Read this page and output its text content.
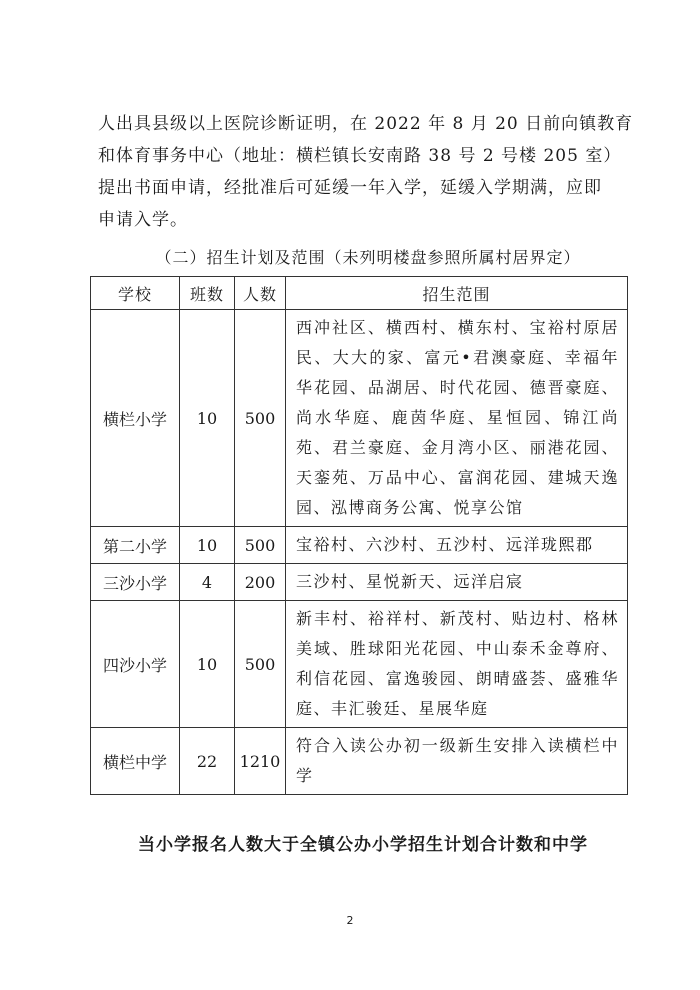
人出具县级以上医院诊断证明，在 2022 年 8 月 20 日前向镇教育

和体育事务中心（地址：横栏镇长安南路 38 号 2 号楼 205 室）

提出书面申请，经批准后可延缓一年入学，延缓入学期满，应即

申请入学。

（二）招生计划及范围（未列明楼盘参照所属村居界定）
学校	班数	人数	招生范围
横栏小学	10	500	西冲社区、横西村、横东村、宝裕村原居民、大大的家、富元•君澳豪庭、幸福年华花园、品湖居、时代花园、德晋豪庭、尚水华庭、鹿茵华庭、星恒园、锦江尚苑、君兰豪庭、金月湾小区、丽港花园、天銮苑、万品中心、富润花园、建城天逸园、泓博商务公寓、悦享公馆
第二小学	10	500	宝裕村、六沙村、五沙村、远洋珑熙郡
三沙小学	4	200	三沙村、星悦新天、远洋启宸
四沙小学	10	500	新丰村、裕祥村、新茂村、贴边村、格林美域、胜球阳光花园、中山泰禾金尊府、利信花园、富逸骏园、朗晴盛荟、盛雅华庭、丰汇骏廷、星展华庭
横栏中学	22	1210	符合入读公办初一级新生安排入读横栏中学
当小学报名人数大于全镇公办小学招生计划合计数和中学
2
